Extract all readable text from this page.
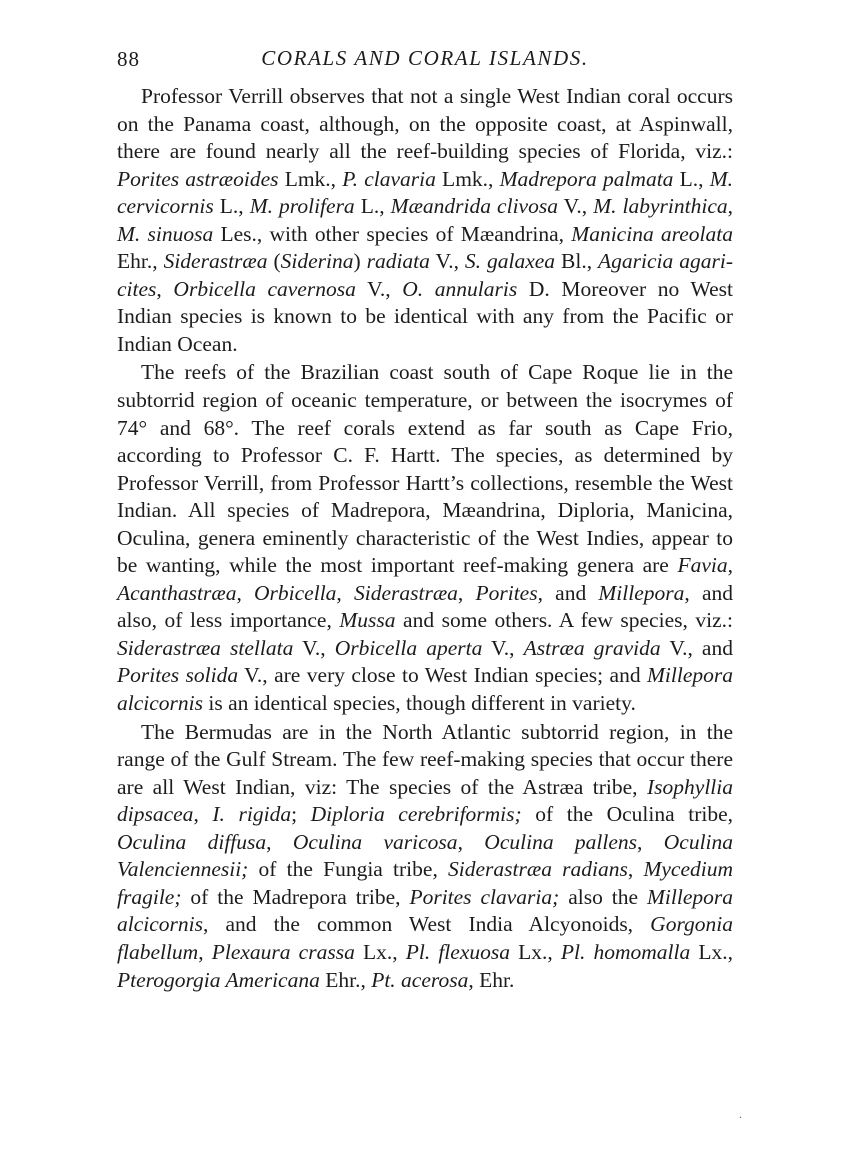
88	CORALS AND CORAL ISLANDS.

Professor Verrill observes that not a single West Indian coral occurs on the Panama coast, although, on the opposite coast, at Aspinwall, there are found nearly all the reef-building species of Florida, viz.: Porites astræoides Lmk., P. clavaria Lmk., Madrepora palmata L., M. cervicornis L., M. prolifera L., Mæandrida clivosa V., M. labyrinthica, M. sinuosa Les., with other species of Mæandrina, Manicina areolata Ehr., Siderastræa (Siderina) radiata V., S. galaxea Bl., Agaricia agaricites, Orbicella cavernosa V., O. annularis D. Moreover no West Indian species is known to be identical with any from the Pacific or Indian Ocean.

The reefs of the Brazilian coast south of Cape Roque lie in the subtorrid region of oceanic temperature, or between the isocrymes of 74° and 68°. The reef corals extend as far south as Cape Frio, according to Professor C. F. Hartt. The species, as determined by Professor Verrill, from Professor Hartt’s collections, resemble the West Indian. All species of Madrepora, Mæandrina, Diploria, Manicina, Oculina, genera eminently characteristic of the West Indies, appear to be wanting, while the most important reef-making genera are Favia, Acanthastræa, Orbicella, Siderastræa, Porites, and Millepora, and also, of less importance, Mussa and some others. A few species, viz.: Siderastræa stellata V., Orbicella aperta V., Astræa gravida V., and Porites solida V., are very close to West Indian species; and Millepora alcicornis is an identical species, though different in variety.

The Bermudas are in the North Atlantic subtorrid region, in the range of the Gulf Stream. The few reef-making species that occur there are all West Indian, viz: The species of the Astræa tribe, Isophyllia dipsacea, I. rigida; Diploria cerebriformis; of the Oculina tribe, Oculina diffusa, Oculina varicosa, Oculina pallens, Oculina Valenciennesii; of the Fungia tribe, Siderastræa radians, Mycedium fragile; of the Madrepora tribe, Porites clavaria; also the Millepora alcicornis, and the common West India Alcyonoids, Gorgonia flabellum, Plexaura crassa Lx., Pl. flexuosa Lx., Pl. homomalla Lx., Pterogorgia Americana Ehr., Pt. acerosa, Ehr.

.
